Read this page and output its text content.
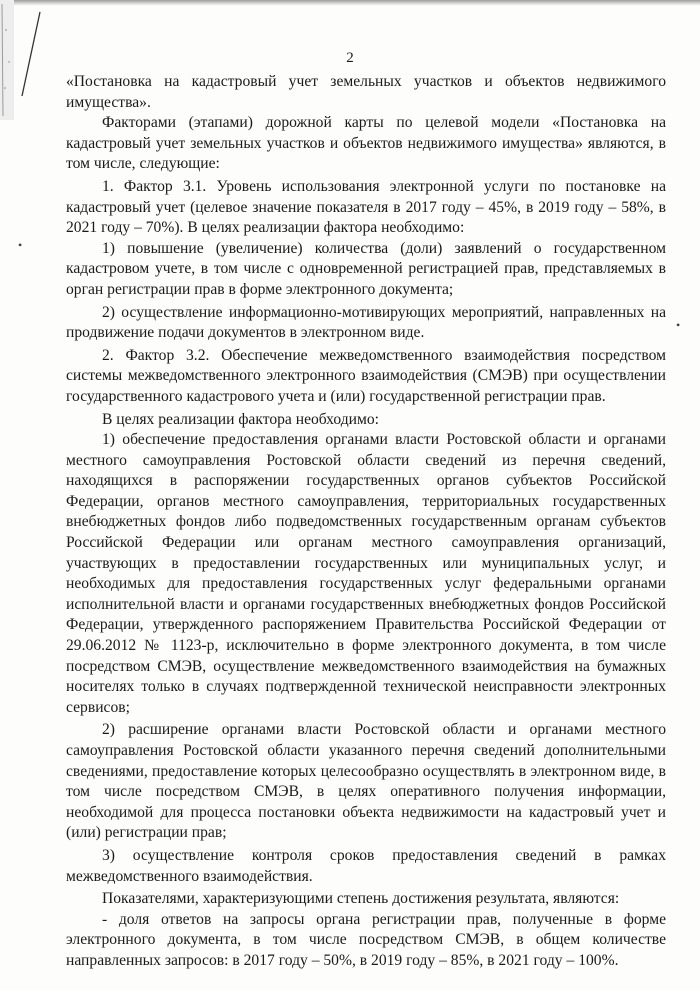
•
•
2

«Постановка на кадастровый учет земельных участков и объектов недвижимого имущества».

Факторами (этапами) дорожной карты по целевой модели «Постановка на кадастровый учет земельных участков и объектов недвижимого имущества» являются, в том числе, следующие:

1. Фактор 3.1. Уровень использования электронной услуги по постановке на кадастровый учет (целевое значение показателя в 2017 году – 45%, в 2019 году – 58%, в 2021 году – 70%). В целях реализации фактора необходимо:

1) повышение (увеличение) количества (доли) заявлений о государственном кадастровом учете, в том числе с одновременной регистрацией прав, представляемых в орган регистрации прав в форме электронного документа;

2) осуществление информационно-мотивирующих мероприятий, направленных на продвижение подачи документов в электронном виде.

2. Фактор 3.2. Обеспечение межведомственного взаимодействия посредством системы межведомственного электронного взаимодействия (СМЭВ) при осуществлении государственного кадастрового учета и (или) государственной регистрации прав.

В целях реализации фактора необходимо:

1) обеспечение предоставления органами власти Ростовской области и органами местного самоуправления Ростовской области сведений из перечня сведений, находящихся в распоряжении государственных органов субъектов Российской Федерации, органов местного самоуправления, территориальных государственных внебюджетных фондов либо подведомственных государственным органам субъектов Российской Федерации или органам местного самоуправления организаций, участвующих в предоставлении государственных или муниципальных услуг, и необходимых для предоставления государственных услуг федеральными органами исполнительной власти и органами государственных внебюджетных фондов Российской Федерации, утвержденного распоряжением Правительства Российской Федерации от 29.06.2012 № 1123-р, исключительно в форме электронного документа, в том числе посредством СМЭВ, осуществление межведомственного взаимодействия на бумажных носителях только в случаях подтвержденной технической неисправности электронных сервисов;

2) расширение органами власти Ростовской области и органами местного самоуправления Ростовской области указанного перечня сведений дополнительными сведениями, предоставление которых целесообразно осуществлять в электронном виде, в том числе посредством СМЭВ, в целях оперативного получения информации, необходимой для процесса постановки объекта недвижимости на кадастровый учет и (или) регистрации прав;

3) осуществление контроля сроков предоставления сведений в рамках межведомственного взаимодействия.

Показателями, характеризующими степень достижения результата, являются:

- доля ответов на запросы органа регистрации прав, полученные в форме электронного документа, в том числе посредством СМЭВ, в общем количестве направленных запросов: в 2017 году – 50%, в 2019 году – 85%, в 2021 году – 100%.
